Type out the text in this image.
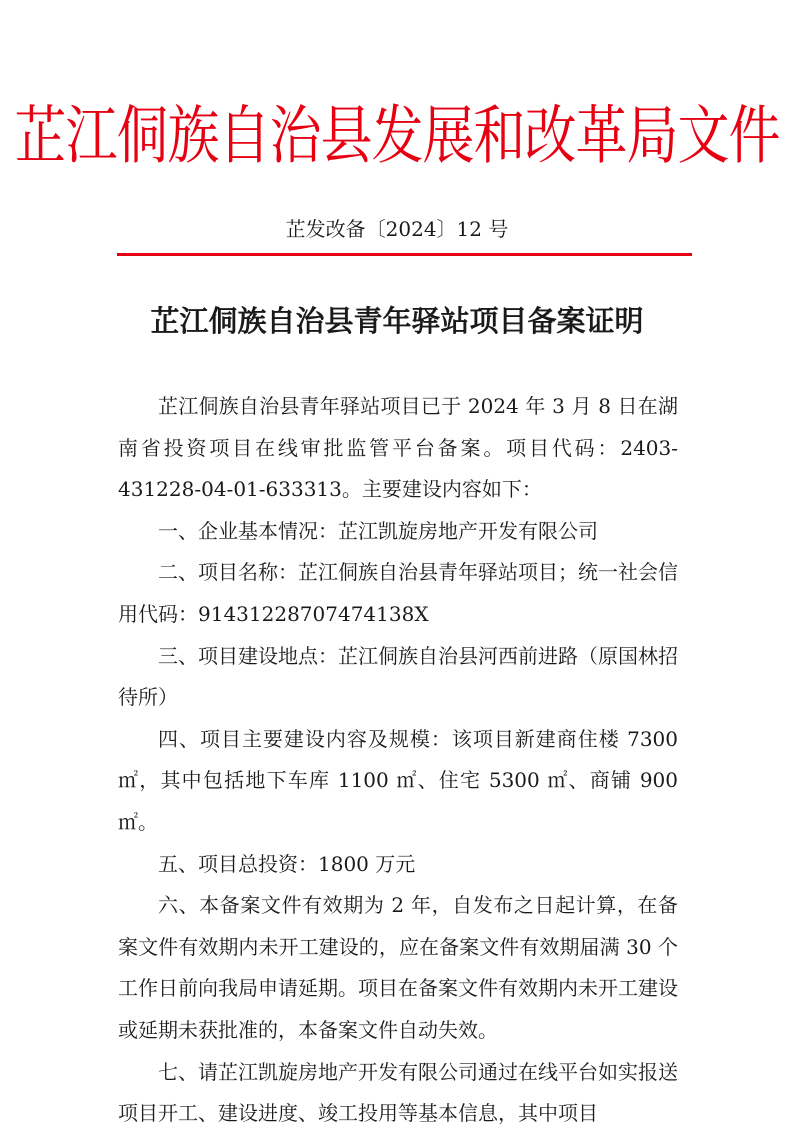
芷江侗族自治县发展和改革局文件
芷发改备〔2024〕12 号
芷江侗族自治县青年驿站项目备案证明

芷江侗族自治县青年驿站项目已于 2024 年 3 月 8 日在湖南省投资项目在线审批监管平台备案。项目代码：2403-431228-04-01-633313。主要建设内容如下：

一、企业基本情况：芷江凯旋房地产开发有限公司

二、项目名称：芷江侗族自治县青年驿站项目；统一社会信用代码：91431228707474138X

三、项目建设地点：芷江侗族自治县河西前进路（原国林招待所）

四、项目主要建设内容及规模：该项目新建商住楼 7300 ㎡，其中包括地下车库 1100 ㎡、住宅 5300 ㎡、商铺 900 ㎡。

五、项目总投资：1800 万元

六、本备案文件有效期为 2 年，自发布之日起计算，在备案文件有效期内未开工建设的，应在备案文件有效期届满 30 个工作日前向我局申请延期。项目在备案文件有效期内未开工建设或延期未获批准的，本备案文件自动失效。

七、请芷江凯旋房地产开发有限公司通过在线平台如实报送项目开工、建设进度、竣工投用等基本信息，其中项目
